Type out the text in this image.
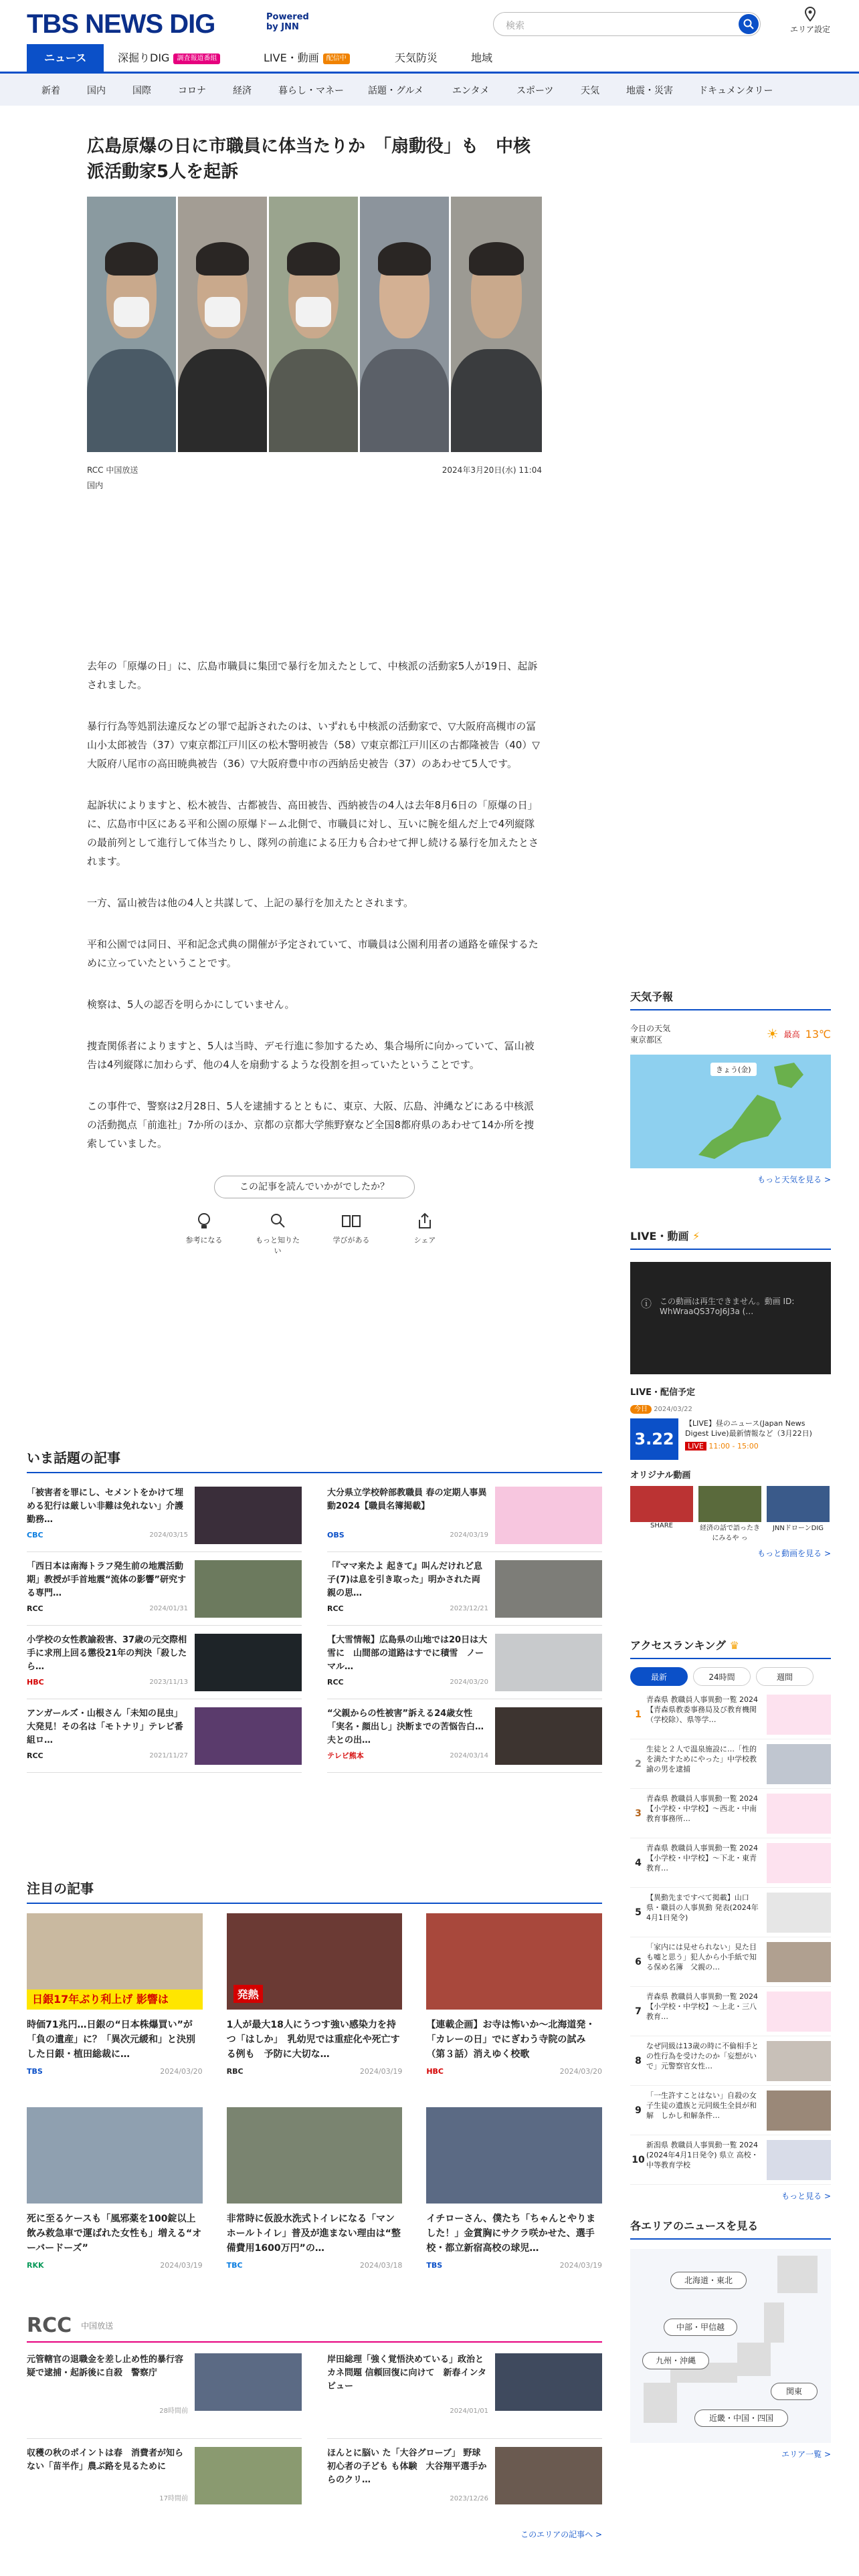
TBS NEWS DIG	Powered
by JNN	検索	エリア設定
ニュース	深掘りDIG 調査報道番組	LIVE・動画 配信中	天気防災	地域
新着	国内	国際	コロナ	経済	暮らし・マネー	話題・グルメ	エンタメ	スポーツ	天気	地震・災害	ドキュメンタリー
広島原爆の日に市職員に体当たりか　「扇動役」も　中核派活動家5人を起訴
RCC 中国放送	2024年3月20日(水) 11:04
国内

去年の「原爆の日」に、広島市職員に集団で暴行を加えたとして、中核派の活動家5人が19日、起訴されました。

暴行行為等処罰法違反などの罪で起訴されたのは、いずれも中核派の活動家で、▽大阪府高槻市の冨山小太郎被告（37）▽東京都江戸川区の松木警明被告（58）▽東京都江戸川区の古都隆被告（40）▽大阪府八尾市の高田暁典被告（36）▽大阪府豊中市の西納岳史被告（37）のあわせて5人です。

起訴状によりますと、松木被告、古都被告、高田被告、西納被告の4人は去年8月6日の「原爆の日」に、広島市中区にある平和公園の原爆ドーム北側で、市職員に対し、互いに腕を組んだ上で4列縦隊の最前列として進行して体当たりし、隊列の前進による圧力も合わせて押し続ける暴行を加えたとされます。

一方、冨山被告は他の4人と共謀して、上記の暴行を加えたとされます。

平和公園では同日、平和記念式典の開催が予定されていて、市職員は公園利用者の通路を確保するために立っていたということです。

検察は、5人の認否を明らかにしていません。

捜査関係者によりますと、5人は当時、デモ行進に参加するため、集合場所に向かっていて、冨山被告は4列縦隊に加わらず、他の4人を扇動するような役割を担っていたということです。

この事件で、警察は2月28日、5人を逮捕するとともに、東京、大阪、広島、沖縄などにある中核派の活動拠点「前進社」7か所のほか、京都の京都大学熊野寮など全国8都府県のあわせて14か所を捜索していました。

この記事を読んでいかがでしたか？
参考になる	もっと知りたい
学びがある	シェア
いま話題の記事
「被害者を罪にし、セメントをかけて埋める犯行は厳しい非難は免れない」介護勤務…
CBC	2024/03/15
大分県立学校幹部教職員 春の定期人事異動2024【職員名簿掲載】
OBS	2024/03/19
「西日本は南海トラフ発生前の地震活動期」教授が手首地震“流体の影響”研究する専門…
RCC	2024/01/31
「『ママ来たよ 起きて』叫んだけれど息子(7)は息を引き取った」明かされた両親の思…
RCC	2023/12/21
小学校の女性教諭殺害、37歳の元交際相手に求刑上回る懲役21年の判決「殺したら…
HBC	2023/11/13
【大雪情報】広島県の山地では20日は大雪に　山間部の道路はすでに積雪　ノーマル…
RCC	2024/03/20
アンガールズ・山根さん「未知の昆虫」大発見！その名は「モトナリ」テレビ番組ロ…
RCC	2021/11/27
“父親からの性被害”訴える24歳女性「実名・顔出し」決断までの苦悩告白…夫との出…
テレビ熊本	2024/03/14
注目の記事
日銀17年ぶり利上げ 影響は
時価71兆円…日銀の“日本株爆買い”が「負の遺産」に？「異次元緩和」と決別した日銀・植田総裁に…
TBS	2024/03/20
発熱
1人が最大18人にうつす強い感染力を持つ「はしか」　乳幼児では重症化や死亡する例も　予防に大切な…
RBC	2024/03/19
【連載企画】お寺は怖いか～北海道発・「カレーの日」でにぎわう寺院の試み（第３話）消えゆく校歌
HBC	2024/03/20
死に至るケースも「風邪薬を100錠以上飲み救急車で運ばれた女性も」増える“オーバードーズ”
RKK	2024/03/19
非常時に仮設水洗式トイレになる「マンホールトイレ」普及が進まない理由は“整備費用1600万円”の…
TBC	2024/03/18
イチローさん、僕たち「ちゃんとやりました！」金賞胸にサクラ咲かせた、選手校・都立新宿高校の球児…
TBS	2024/03/19
RCC 中国放送
元管轄官の退職金を差し止め性的暴行容疑で逮捕・起訴後に自殺　警察庁
28時間前
岸田総理「強く覚悟決めている」政治とカネ問題 信頼回復に向けて　新春インタビュー
2024/01/01
収穫の秋のポイントは春　消費者が知らない「苗半作」農ぶ路を見るために
17時間前
ほんとに脳い た「大谷グローブ」 野球初心者の子ども も体験　大谷翔平選手からのクリ…
2023/12/26
このエリアの記事へ >
天気予報
今日の天気
東京都区	☀ 最高 13℃
きょう(金)
もっと天気を見る >
LIVE・動画 ⚡
ⓘ この動画は再生できません。動画 ID: WhWraaQS37oJ6J3a (…
LIVE・配信予定
今日 2024/03/22
3.22
【LIVE】昼のニュース(Japan News Digest Live)最新情報など（3月22日)
LIVE 11:00 - 15:00
オリジナル動画
SHARE	経済の話で語ったきにみるや っ
JNNドローンDIG
もっと動画を見る >
アクセスランキング ♛
最新	24時間	週間
1
青森県 教職員人事異動一覧 2024【青森県教委事務局及び教育機関（学校除）、県等学…
2
生徒と２人で温泉施設に…「性的を満たすためにやった」中学校教諭の男を逮捕
3
青森県 教職員人事異動一覧 2024【小学校・中学校】～西北・中南教育事務所…
4
青森県 教職員人事異動一覧 2024【小学校・中学校】～下北・東青教育…
5
【異動先まですべて掲載】山口県・職員の人事異動 発表(2024年4月1日発令)
6
「家内には見せられない」見た目も嘘と思う」犯人から小手紙で知る保め名簿　父親の…
7
青森県 教職員人事異動一覧 2024【小学校・中学校】～上北・三八教育…
8
なぜ同級は13歳の時に不倫相手との性行為を受けたのか「妄想がいで」元警察官女性…
9
「一生許すことはない」自殺の女子生徒の遺族と元同級生全員が和解　しかし和解条件…
10
新潟県 教職員人事異動一覧 2024 (2024年4月1日発令) 県立 高校・中等教育学校
もっと見る >
各エリアのニュースを見る
北海道・東北
中部・甲信越
九州・沖縄
関東
近畿・中国・四国
エリア一覧 >
